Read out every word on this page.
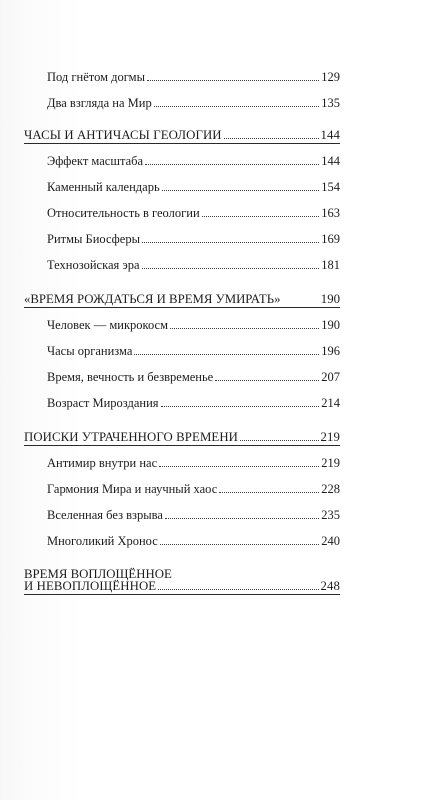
Под гнётом догмы	129
Два взгляда на Мир	135
ЧАСЫ И АНТИЧАСЫ ГЕОЛОГИИ	144
Эффект масштаба	144
Каменный календарь	154
Относительность в геологии	163
Ритмы Биосферы	169
Технозойская эра	181
«ВРЕМЯ РОЖДАТЬСЯ И ВРЕМЯ УМИРАТЬ»	190
Человек — микрокосм	190
Часы организма	196
Время, вечность и безвременье	207
Возраст Мироздания	214
ПОИСКИ УТРАЧЕННОГО ВРЕМЕНИ	219
Антимир внутри нас	219
Гармония Мира и научный хаос	228
Вселенная без взрыва	235
Многоликий Хронос	240
ВРЕМЯ ВОПЛОЩЁННОЕ
И НЕВОПЛОЩЁННОЕ	248
